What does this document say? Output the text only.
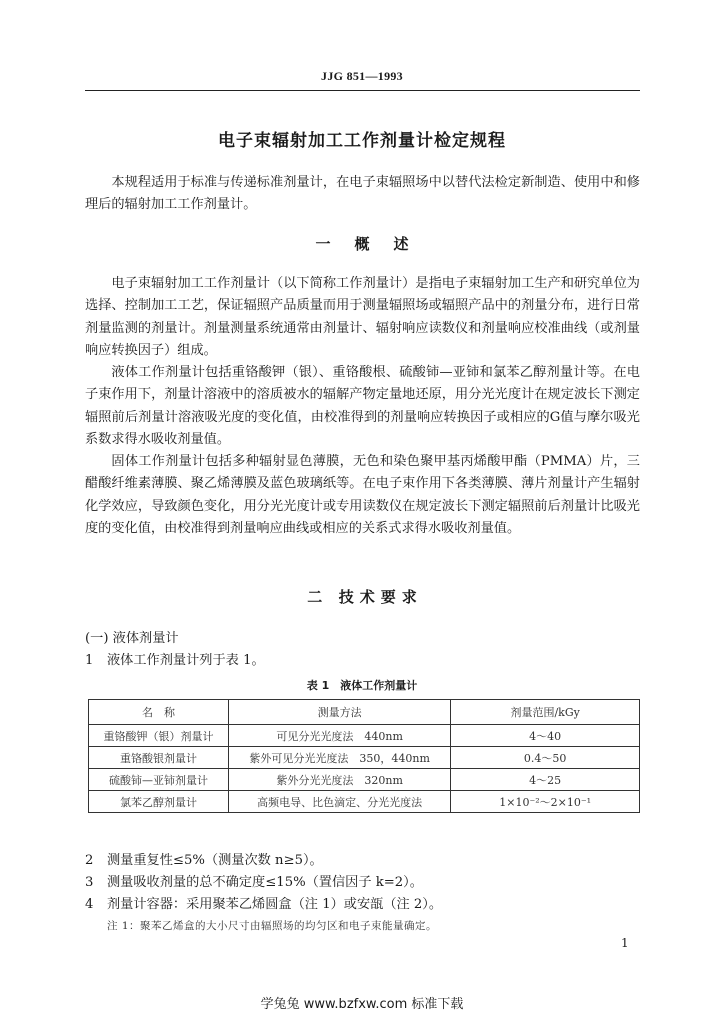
JJG 851—1993
电子束辐射加工工作剂量计检定规程

本规程适用于标准与传递标准剂量计，在电子束辐照场中以替代法检定新制造、使用中和修理后的辐射加工工作剂量计。

一 概 述

电子束辐射加工工作剂量计（以下简称工作剂量计）是指电子束辐射加工生产和研究单位为选择、控制加工工艺，保证辐照产品质量而用于测量辐照场或辐照产品中的剂量分布，进行日常剂量监测的剂量计。剂量测量系统通常由剂量计、辐射响应读数仪和剂量响应校准曲线（或剂量响应转换因子）组成。

液体工作剂量计包括重铬酸钾（银）、重铬酸根、硫酸铈—亚铈和氯苯乙醇剂量计等。在电子束作用下，剂量计溶液中的溶质被水的辐解产物定量地还原，用分光光度计在规定波长下测定辐照前后剂量计溶液吸光度的变化值，由校准得到的剂量响应转换因子或相应的G值与摩尔吸光系数求得水吸收剂量值。

固体工作剂量计包括多种辐射显色薄膜，无色和染色聚甲基丙烯酸甲酯（PMMA）片，三醋酸纤维素薄膜、聚乙烯薄膜及蓝色玻璃纸等。在电子束作用下各类薄膜、薄片剂量计产生辐射化学效应，导致颜色变化，用分光光度计或专用读数仪在规定波长下测定辐照前后剂量计比吸光度的变化值，由校准得到剂量响应曲线或相应的关系式求得水吸收剂量值。

二 技 术 要 求
(一) 液体剂量计
1 液体工作剂量计列于表 1。
表 1　液体工作剂量计
名　称	测量方法	剂量范围/kGy
重铬酸钾（银）剂量计	可见分光光度法　440nm	4～40
重铬酸银剂量计	紫外可见分光光度法　350，440nm	0.4～50
硫酸铈—亚铈剂量计	紫外分光光度法　320nm	4～25
氯苯乙醇剂量计	高频电导、比色滴定、分光光度法	1×10⁻²～2×10⁻¹
2 测量重复性≤5%（测量次数 n≥5）。
3 测量吸收剂量的总不确定度≤15%（置信因子 k=2）。
4 剂量计容器：采用聚苯乙烯圆盒（注 1）或安瓿（注 2）。
注 1：聚苯乙烯盒的大小尺寸由辐照场的均匀区和电子束能量确定。
1
学兔兔 www.bzfxw.com 标准下载
